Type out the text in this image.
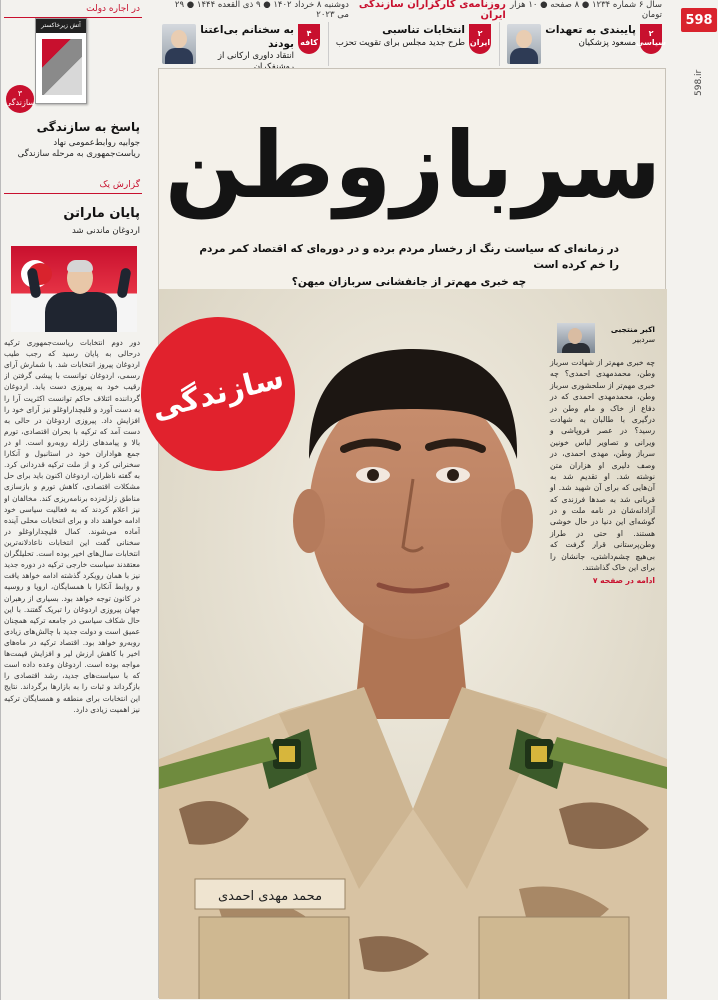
598
598.ir
سال ۶ شماره ۱۲۳۴ ● ۸ صفحه ● ۱۰ هزار تومان
روزنامه‌ی کارگزاران سازندگی ایران
دوشنبه ۸ خرداد ۱۴۰۲ ● ۹ ذی القعده ۱۴۴۴ ● ۲۹ می ۲۰۲۳
۲
سیاسی
پایبندی به تعهدات
مسعود پزشکیان
۲
ایران
انتخابات تناسبی
طرح جدید مجلس برای تقویت تحزب
۴
کافه
به سخنانم بی‌اعتنا بودند
انتقاد داوری ارکانی از
در اجاره دولت
آتش زیرخاکستر
۳
سازندگی
پاسخ به سازندگی
جوابیه روابط‌عمومی نهاد ریاست‌جمهوری به مرحله سازندگی
گزارش یک
پایان ماراتن
اردوغان ماندنی شد
دور دوم انتخابات ریاست‌جمهوری ترکیه درحالی به پایان رسید که رجب طیب اردوغان پیروز انتخابات شد. با شمارش آرای رسمی، اردوغان توانست با پیشی گرفتن از رقیب خود به پیروزی دست یابد. اردوغان گرداننده ائتلاف حاکم توانست اکثریت آرا را به دست آورد و قلیچداراوغلو نیز آرای خود را افزایش داد. پیروزی اردوغان در حالی به دست آمد که ترکیه با بحران اقتصادی، تورم بالا و پیامدهای زلزله روبه‌رو است. او در جمع هواداران خود در استانبول و آنکارا سخنرانی کرد و از ملت ترکیه قدردانی کرد. به گفته ناظران، اردوغان اکنون باید برای حل مشکلات اقتصادی، کاهش تورم و بازسازی مناطق زلزله‌زده برنامه‌ریزی کند. مخالفان او نیز اعلام کردند که به فعالیت سیاسی خود ادامه خواهند داد و برای انتخابات محلی آینده آماده می‌شوند. کمال قلیچداراوغلو در سخنانی گفت این انتخابات ناعادلانه‌ترین انتخابات سال‌های اخیر بوده است. تحلیلگران معتقدند سیاست خارجی ترکیه در دوره جدید نیز با همان رویکرد گذشته ادامه خواهد یافت و روابط آنکارا با همسایگان، اروپا و روسیه در کانون توجه خواهد بود. بسیاری از رهبران جهان پیروزی اردوغان را تبریک گفتند. با این حال شکاف سیاسی در جامعه ترکیه همچنان عمیق است و دولت جدید با چالش‌های زیادی روبه‌رو خواهد بود. اقتصاد ترکیه در ماه‌های اخیر با کاهش ارزش لیر و افزایش قیمت‌ها مواجه بوده است. اردوغان وعده داده است که با سیاست‌های جدید، رشد اقتصادی را بازگرداند و ثبات را به بازارها برگرداند. نتایج این انتخابات برای منطقه و همسایگان ترکیه نیز اهمیت زیادی دارد.
سربازوطن
در زمانه‌ای که سیاست رنگ از رخسار مردم برده و در دوره‌ای که اقتصاد کمر مردم را خم کرده است
چه خبری مهم‌تر از جانفشانی سربازان میهن؟
محمد مهدی احمدی
سازندگی
اکبر منتجبی
سردبیر
چه خبری مهم‌تر از شهادت سرباز وطن، محمدمهدی احمدی؟ چه خبری مهم‌تر از سلحشوری سرباز وطن، محمدمهدی احمدی که در دفاع از خاک و مام وطن در درگیری با طالبان به شهادت رسید؟ در عصر فروپاشی و ویرانی و تصاویر لباس خونین سرباز وطن، مهدی احمدی، در وصف دلیری او هزاران متن نوشته شد. او تقدیم شد به آن‌هایی که برای آن شهید شد. او قربانی شد به صدها فرزندی که آزادانه‌شان در نامه ملت و در گوشه‌ای این دنیا در حال خوشی هستند. او حتی در طراز وطن‌پرستانی قرار گرفت که بی‌هیچ چشم‌داشتی، جانشان را برای این خاک گذاشتند.
ادامه در صفحه ۷
